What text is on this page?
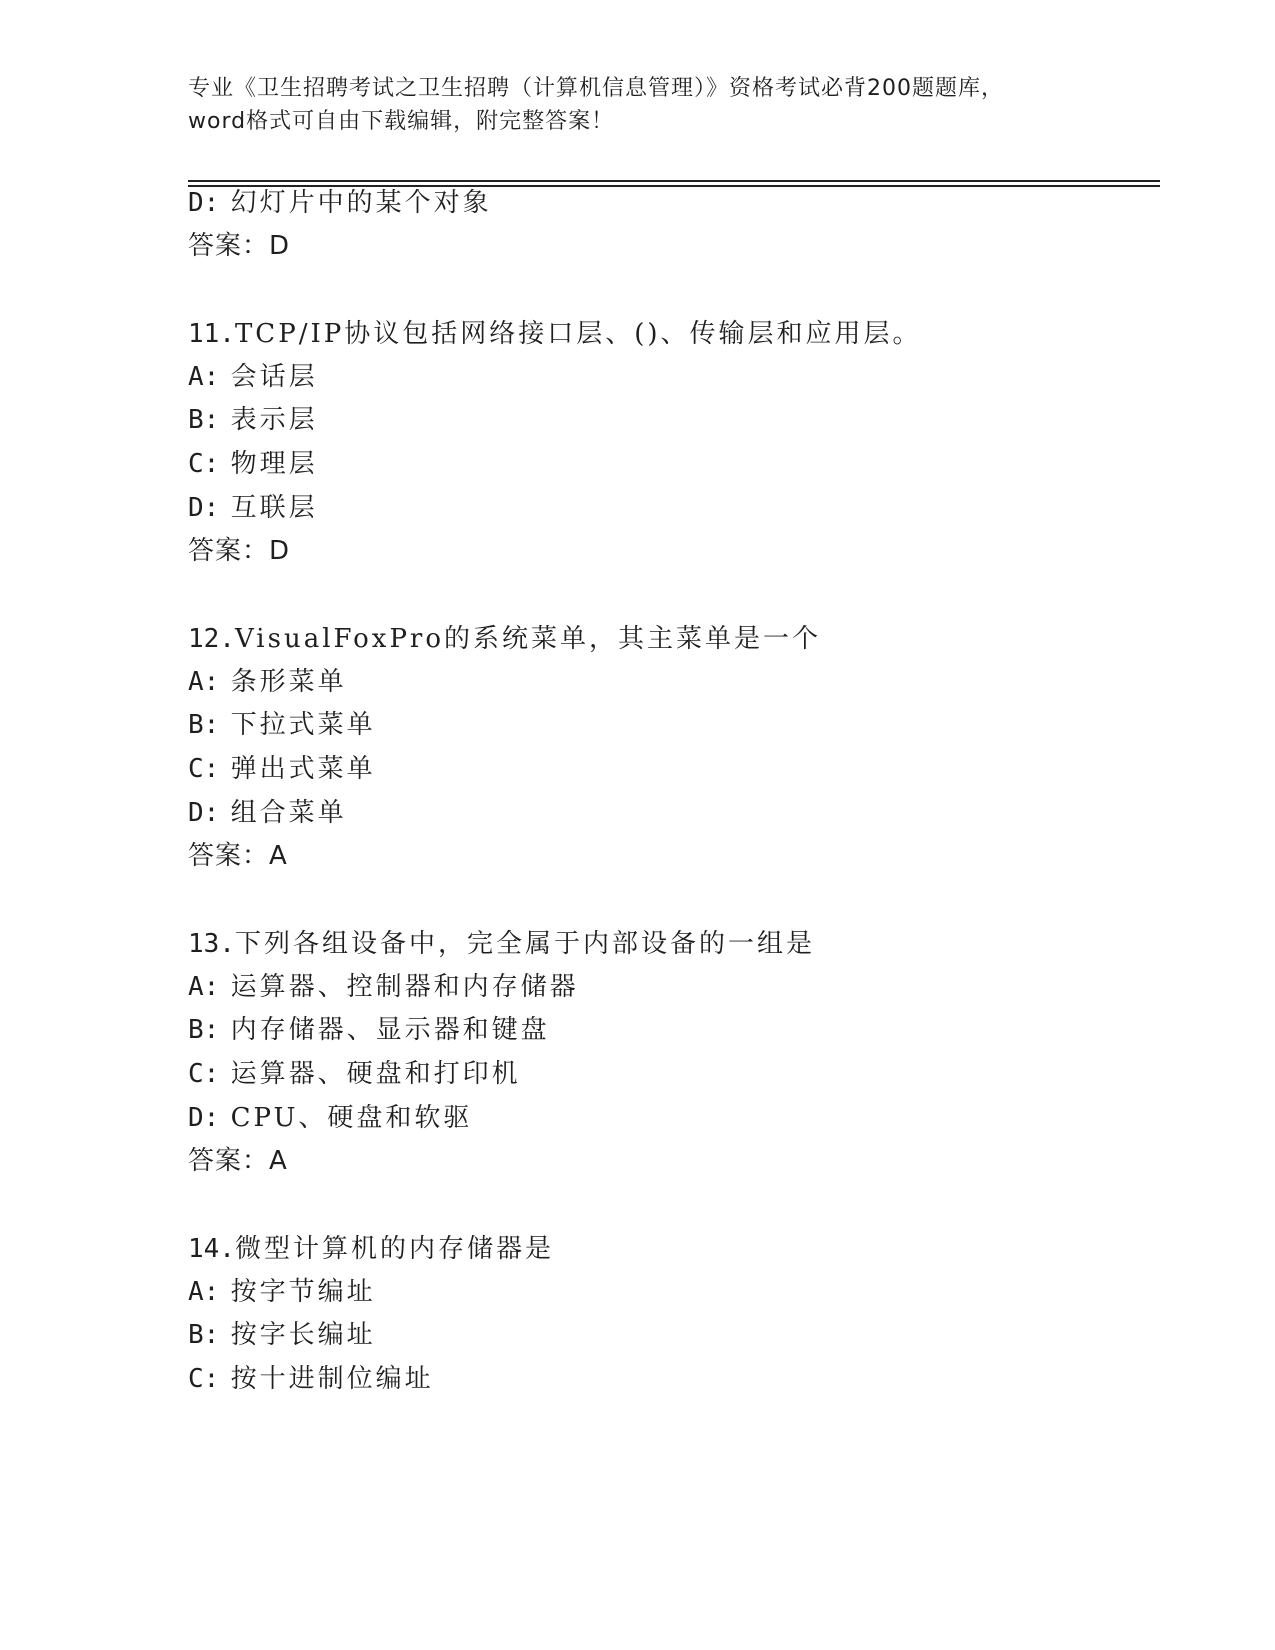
专业《卫生招聘考试之卫生招聘（计算机信息管理）》资格考试必背200题题库，
word格式可自由下载编辑，附完整答案！
D: 幻灯片中的某个对象
答案：D
11.TCP/IP协议包括网络接口层、()、传输层和应用层。
A: 会话层
B: 表示层
C: 物理层
D: 互联层
答案：D
12.VisualFoxPro的系统菜单，其主菜单是一个
A: 条形菜单
B: 下拉式菜单
C: 弹出式菜单
D: 组合菜单
答案：A
13.下列各组设备中，完全属于内部设备的一组是
A: 运算器、控制器和内存储器
B: 内存储器、显示器和键盘
C: 运算器、硬盘和打印机
D: CPU、硬盘和软驱
答案：A
14.微型计算机的内存储器是
A: 按字节编址
B: 按字长编址
C: 按十进制位编址
